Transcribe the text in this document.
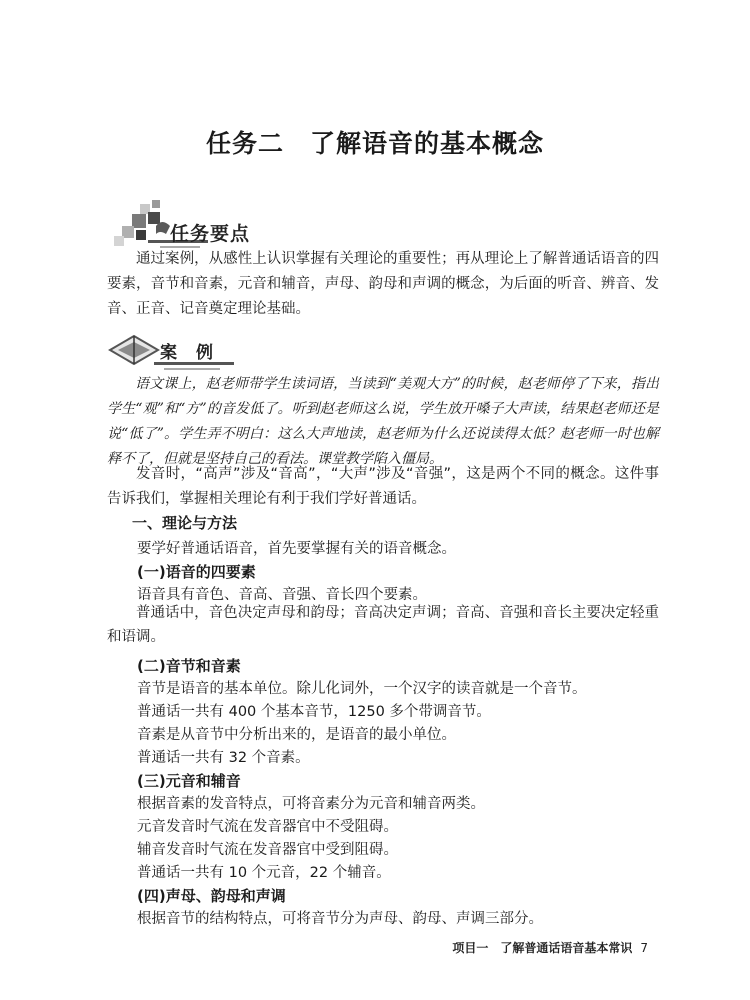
任务二　了解语音的基本概念
任务要点

通过案例，从感性上认识掌握有关理论的重要性；再从理论上了解普通话语音的四要素，音节和音素，元音和辅音，声母、韵母和声调的概念，为后面的听音、辨音、发音、正音、记音奠定理论基础。

案　例

语文课上，赵老师带学生读词语，当读到“美观大方”的时候，赵老师停了下来，指出学生“观”和“方”的音发低了。听到赵老师这么说，学生放开嗓子大声读，结果赵老师还是说“低了”。学生弄不明白：这么大声地读，赵老师为什么还说读得太低？赵老师一时也解释不了，但就是坚持自己的看法。课堂教学陷入僵局。

发音时，“高声”涉及“音高”，“大声”涉及“音强”，这是两个不同的概念。这件事告诉我们，掌握相关理论有利于我们学好普通话。

一、理论与方法
要学好普通话语音，首先要掌握有关的语音概念。
(一)语音的四要素
语音具有音色、音高、音强、音长四个要素。

普通话中，音色决定声母和韵母；音高决定声调；音高、音强和音长主要决定轻重和语调。

(二)音节和音素
音节是语音的基本单位。除儿化词外，一个汉字的读音就是一个音节。
普通话一共有 400 个基本音节，1250 多个带调音节。
音素是从音节中分析出来的，是语音的最小单位。
普通话一共有 32 个音素。
(三)元音和辅音
根据音素的发音特点，可将音素分为元音和辅音两类。
元音发音时气流在发音器官中不受阻碍。
辅音发音时气流在发音器官中受到阻碍。
普通话一共有 10 个元音，22 个辅音。
(四)声母、韵母和声调
根据音节的结构特点，可将音节分为声母、韵母、声调三部分。
项目一　了解普通话语音基本常识 7
